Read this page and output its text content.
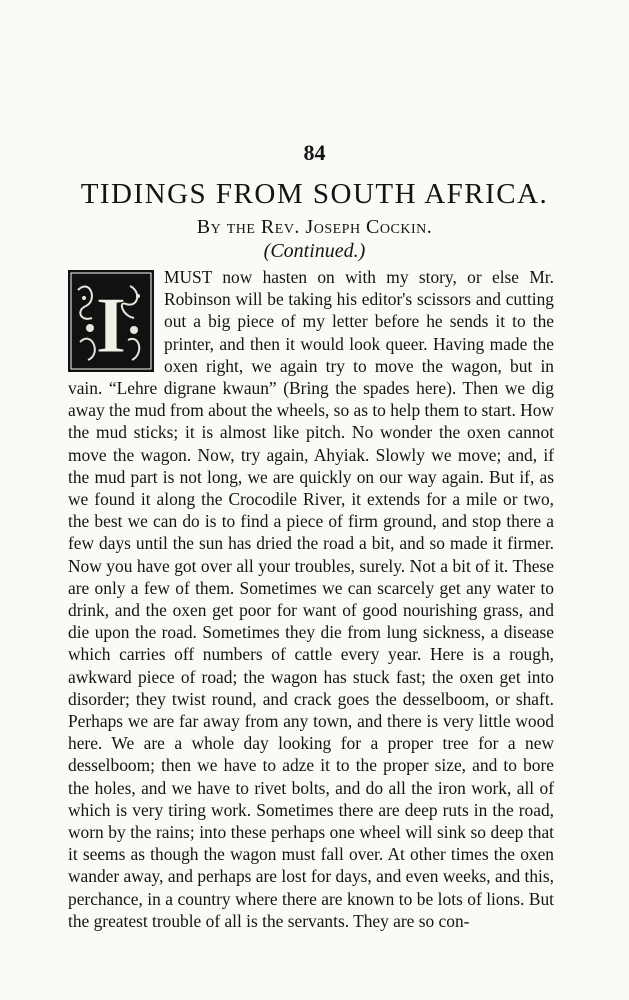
84

TIDINGS FROM SOUTH AFRICA.

By the Rev. Joseph Cockin.

(Continued.)

I
MUST now hasten on with my story, or else Mr. Robinson will be taking his editor's scissors and cutting out a big piece of my letter before he sends it to the printer, and then it would look queer. Having made the oxen right, we again try to move the wagon, but in vain. “Lehre digrane kwaun” (Bring the spades here). Then we dig away the mud from about the wheels, so as to help them to start. How the mud sticks; it is almost like pitch. No wonder the oxen cannot move the wagon. Now, try again, Ahyiak. Slowly we move; and, if the mud part is not long, we are quickly on our way again. But if, as we found it along the Crocodile River, it extends for a mile or two, the best we can do is to find a piece of firm ground, and stop there a few days until the sun has dried the road a bit, and so made it firmer. Now you have got over all your troubles, surely. Not a bit of it. These are only a few of them. Sometimes we can scarcely get any water to drink, and the oxen get poor for want of good nourishing grass, and die upon the road. Sometimes they die from lung sickness, a disease which carries off numbers of cattle every year. Here is a rough, awkward piece of road; the wagon has stuck fast; the oxen get into disorder; they twist round, and crack goes the desselboom, or shaft. Perhaps we are far away from any town, and there is very little wood here. We are a whole day looking for a proper tree for a new desselboom; then we have to adze it to the proper size, and to bore the holes, and we have to rivet bolts, and do all the iron work, all of which is very tiring work. Sometimes there are deep ruts in the road, worn by the rains; into these perhaps one wheel will sink so deep that it seems as though the wagon must fall over. At other times the oxen wander away, and perhaps are lost for days, and even weeks, and this, perchance, in a country where there are known to be lots of lions. But the greatest trouble of all is the servants. They are so con-
